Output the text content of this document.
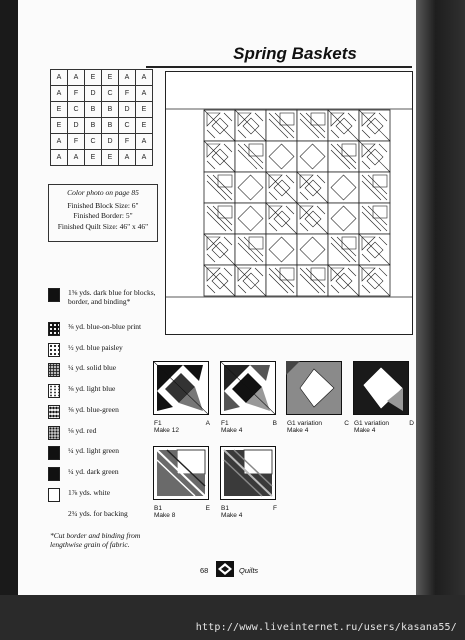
Spring Baskets
A	A	E	E	A	A
A	F	D	C	F	A
E	C	B	B	D	E
E	D	B	B	C	E
A	F	C	D	F	A
A	A	E	E	A	A
Color photo on page 85
Finished Block Size: 6"
Finished Border: 5"
Finished Quilt Size: 46" x 46"
1⅝ yds. dark blue for blocks, border, and binding*
⅜ yd. blue-on-blue print
½ yd. blue paisley
¼ yd. solid blue
⅜ yd. light blue
⅜ yd. blue-green
⅛ yd. red
¼ yd. light green
¼ yd. dark green
1⅞ yds. white
2¾ yds. for backing
*Cut border and binding from lengthwise grain of fabric.
F1	A

Make 12
F1	B

Make 4
G1 variation	C

Make 4
G1 variation	D

Make 4
B1	E

Make 8
B1	F

Make 4
68	Quilts
http://www.liveinternet.ru/users/kasana55/
